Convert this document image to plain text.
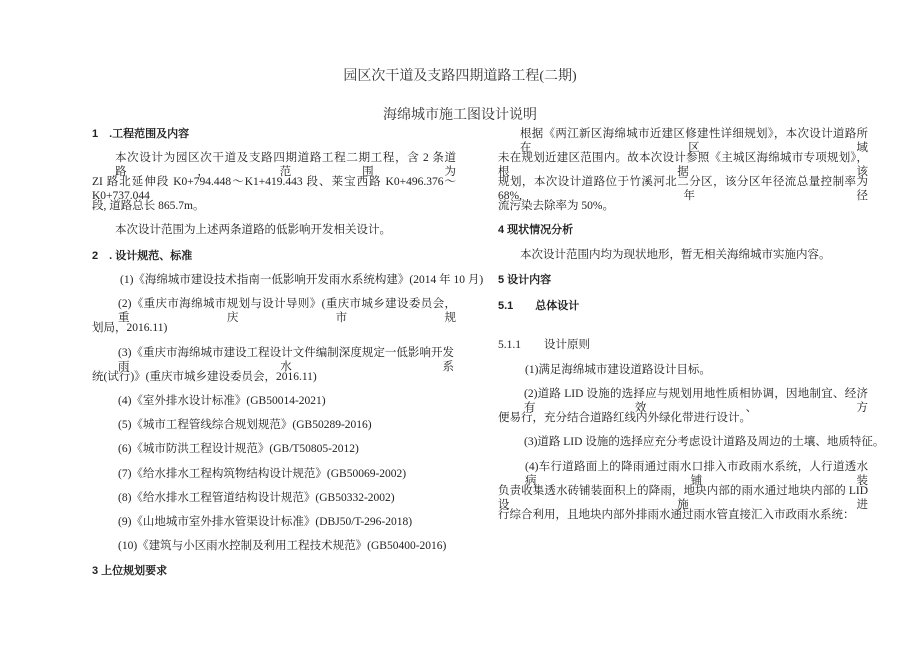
园区次干道及支路四期道路工程(二期)
海绵城市施工图设计说明
1　.工程范围及内容
本次设计为园区次干道及支路四期道路工程二期工程，含 2 条道路，范围为
ZI 路北延伸段 K0+794.448～K1+419.443 段、莱宝西路 K0+496.376～K0+737.044
段, 道路总长 865.7m。
本次设计范围为上述两条道路的低影响开发相关设计。
2　. 设计规范、标准
(1)《海绵城市建设技术指南一低影响开发雨水系统构建》(2014 年 10 月)
(2)《重庆市海绵城市规划与设计导则》(重庆市城乡建设委员会，重庆市规
划局，2016.11)
(3)《重庆市海绵城市建设工程设计文件编制深度规定一低影响开发雨水系
统(试行)》(重庆市城乡建设委员会，2016.11)
(4)《室外排水设计标准》(GB50014-2021)
(5)《城市工程管线综合规划规范》(GB50289-2016)
(6)《城市防洪工程设计规范》(GB/T50805-2012)
(7)《给水排水工程构筑物结构设计规范》(GB50069-2002)
(8)《给水排水工程管道结构设计规范》(GB50332-2002)
(9)《山地城市室外排水管渠设计标准》(DBJ50/T-296-2018)
(10)《建筑与小区雨水控制及利用工程技术规范》(GB50400-2016)
3 上位规划要求
根据《两江新区海绵城市近建区修建性详细规划》，本次设计道路所在区域
未在规划近建区范围内。故本次设计参照《主城区海绵城市专项规划》，根据该
规划，本次设计道路位于竹溪河北二分区，该分区年径流总量控制率为 68%,年径
流污染去除率为 50%。
4 现状情况分析
本次设计范围内均为现状地形，暂无相关海绵城市实施内容。
5 设计内容
5.1　　总体设计
5.1.1　　设计原则
(1)满足海绵城市建设道路设计目标。
(2)道路 LID 设施的选择应与规划用地性质相协调，因地制宜、经济有效、方
便易行，充分结合道路红线内外绿化带进行设计。
(3)道路 LID 设施的选择应充分考虑设计道路及周边的土壤、地质特征。
(4)车行道路面上的降雨通过雨水口排入市政雨水系统，人行道透水病铺装
负责收集透水砖铺装面积上的降雨，地块内部的雨水通过地块内部的 LID 设施进
行综合利用，且地块内部外排雨水通过雨水管直接汇入市政雨水系统：
